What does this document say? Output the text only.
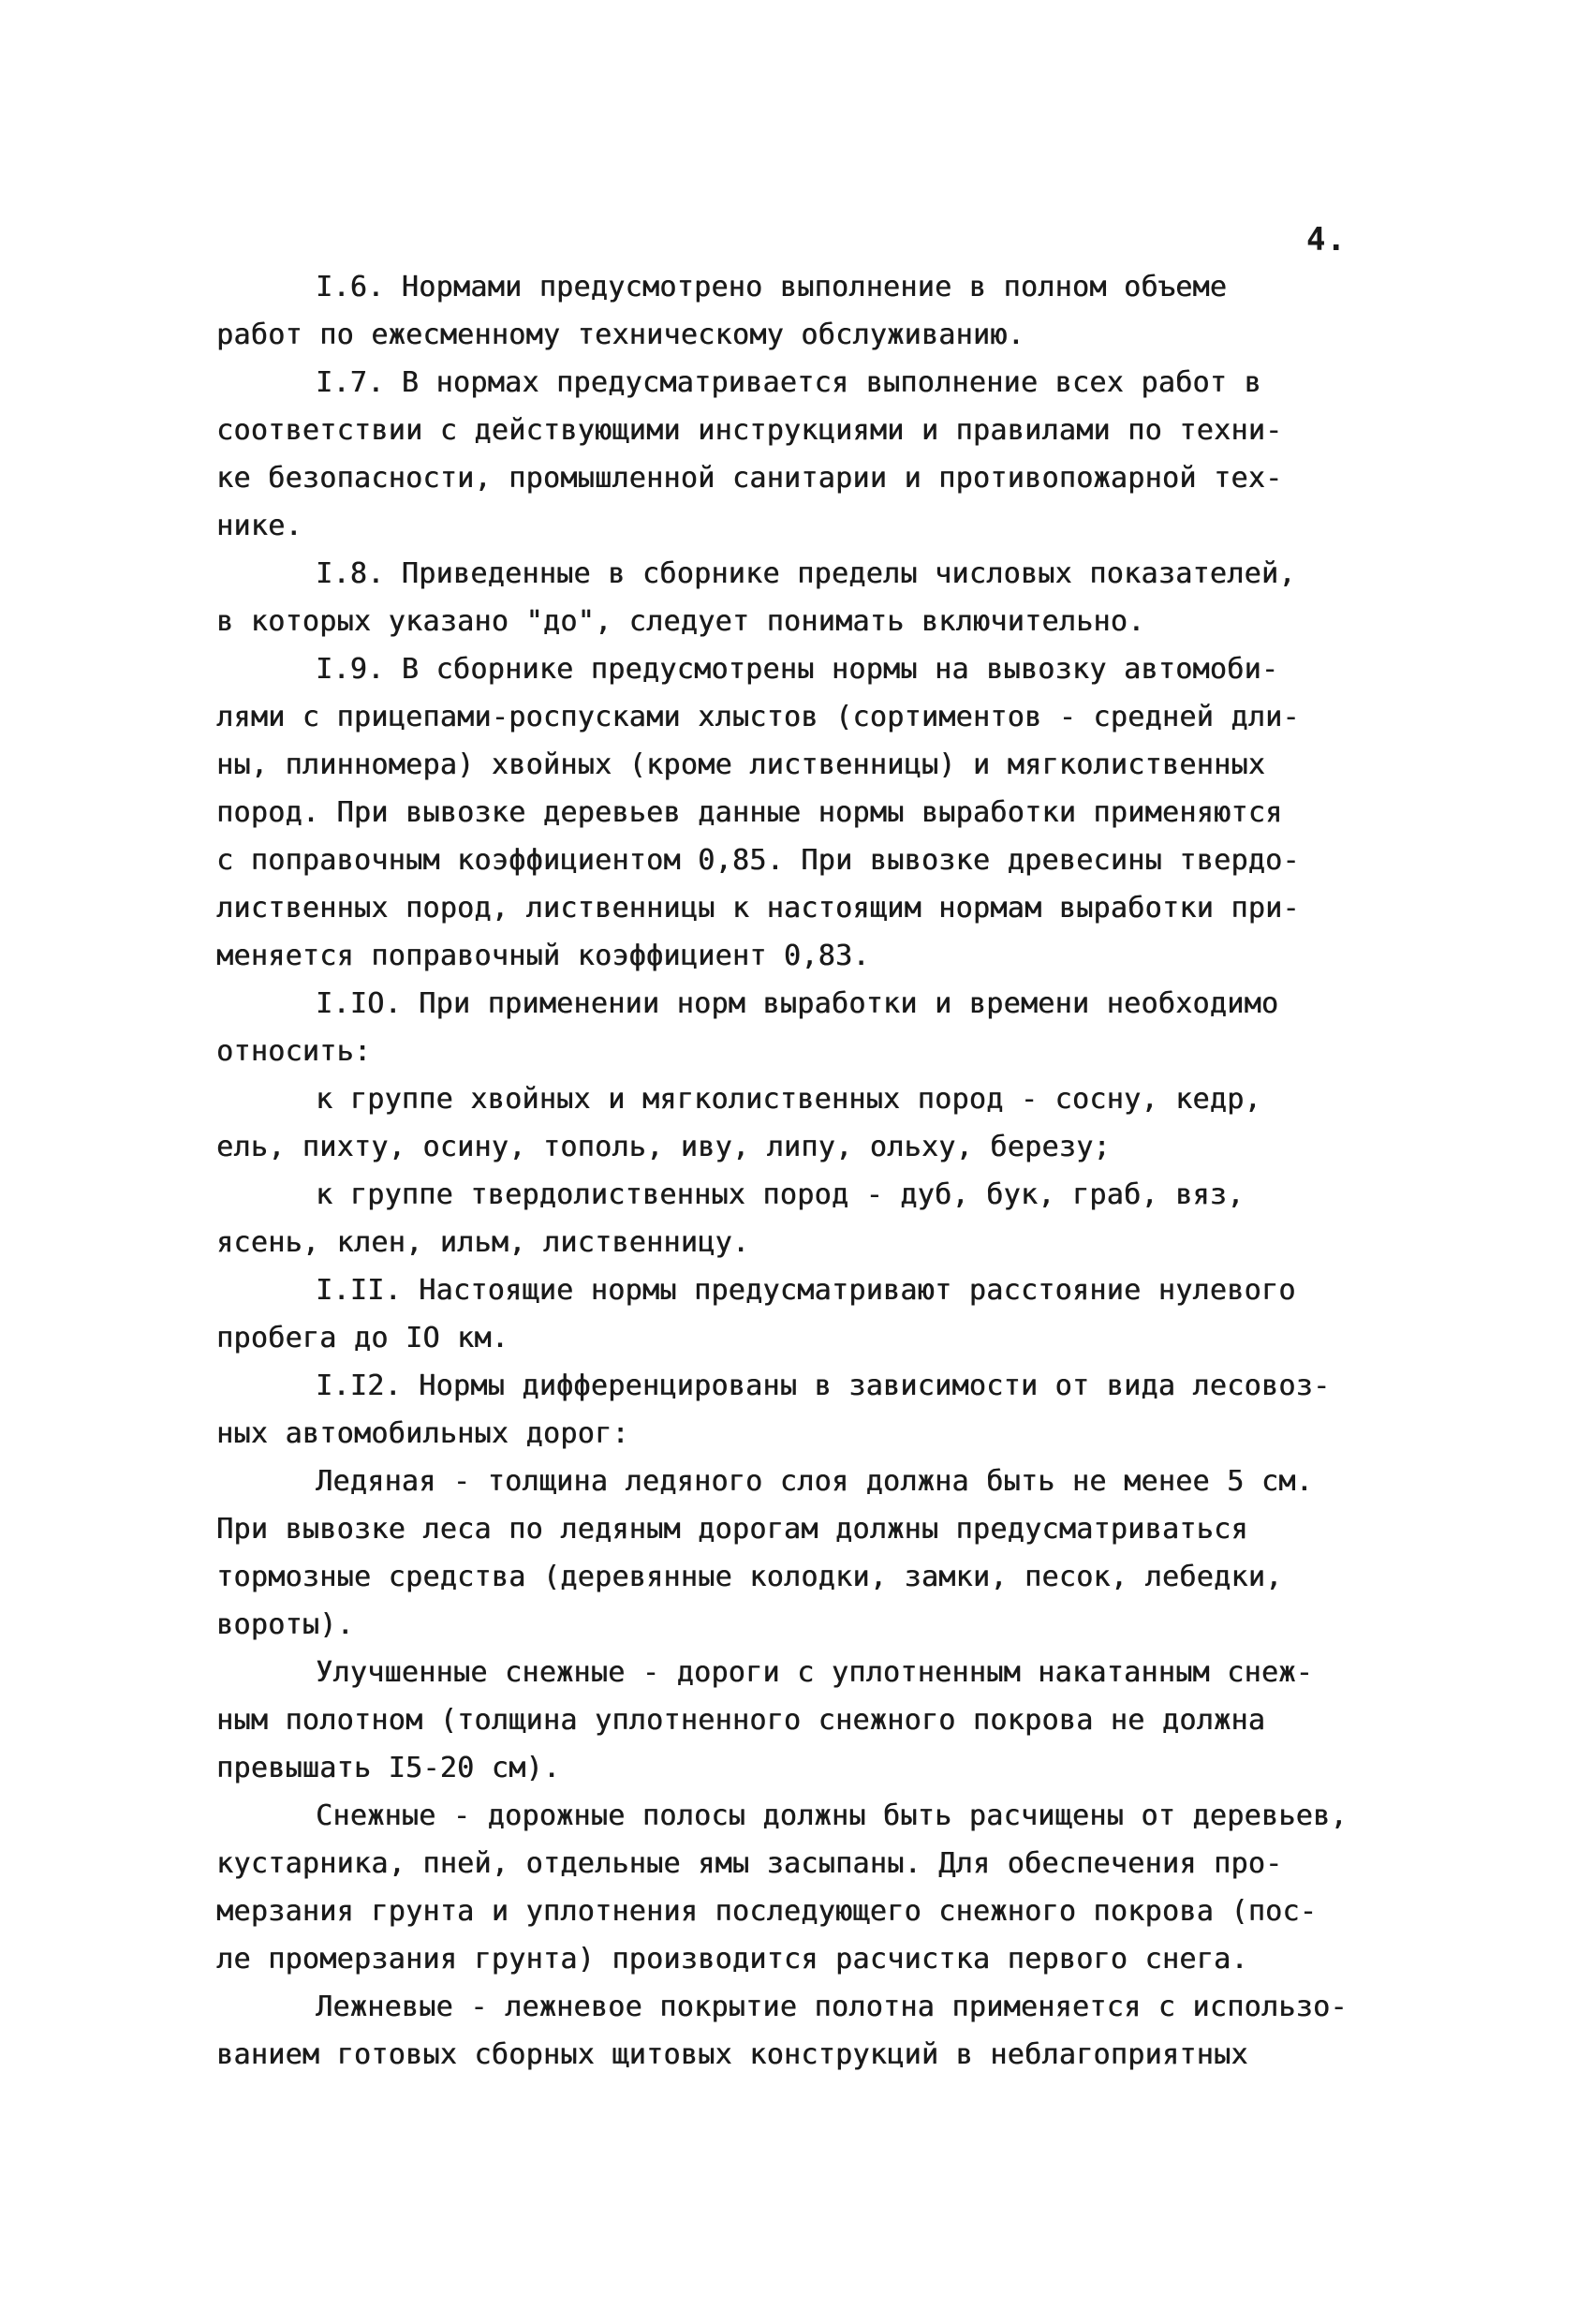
4.
I.6. Нормами предусмотрено выполнение в полном объеме
работ по ежесменному техническому обслуживанию.
I.7. В нормах предусматривается выполнение всех работ в
соответствии с действующими инструкциями и правилами по техни-
ке безопасности, промышленной санитарии и противопожарной тех-
нике.
I.8. Приведенные в сборнике пределы числовых показателей,
в которых указано "до", следует понимать включительно.
I.9. В сборнике предусмотрены нормы на вывозку автомоби-
лями с прицепами-роспусками хлыстов (сортиментов - средней дли-
ны, плинномера) хвойных (кроме лиственницы) и мягколиственных
пород. При вывозке деревьев данные нормы выработки применяются
с поправочным коэффициентом 0,85. При вывозке древесины твердо-
лиственных пород, лиственницы к настоящим нормам выработки при-
меняется поправочный коэффициент 0,83.
I.IO. При применении норм выработки и времени необходимо
относить:
к группе хвойных и мягколиственных пород - сосну, кедр,
ель, пихту, осину, тополь, иву, липу, ольху, березу;
к группе твердолиственных пород - дуб, бук, граб, вяз,
ясень, клен, ильм, лиственницу.
I.II. Настоящие нормы предусматривают расстояние нулевого
пробега до IO км.
I.I2. Нормы дифференцированы в зависимости от вида лесовоз-
ных автомобильных дорог:
Ледяная - толщина ледяного слоя должна быть не менее 5 см.
При вывозке леса по ледяным дорогам должны предусматриваться
тормозные средства (деревянные колодки, замки, песок, лебедки,
вороты).
Улучшенные снежные - дороги с уплотненным накатанным снеж-
ным полотном (толщина уплотненного снежного покрова не должна
превышать I5-20 см).
Снежные - дорожные полосы должны быть расчищены от деревьев,
кустарника, пней, отдельные ямы засыпаны. Для обеспечения про-
мерзания грунта и уплотнения последующего снежного покрова (пос-
ле промерзания грунта) производится расчистка первого снега.
Лежневые - лежневое покрытие полотна применяется с использо-
ванием готовых сборных щитовых конструкций в неблагоприятных
